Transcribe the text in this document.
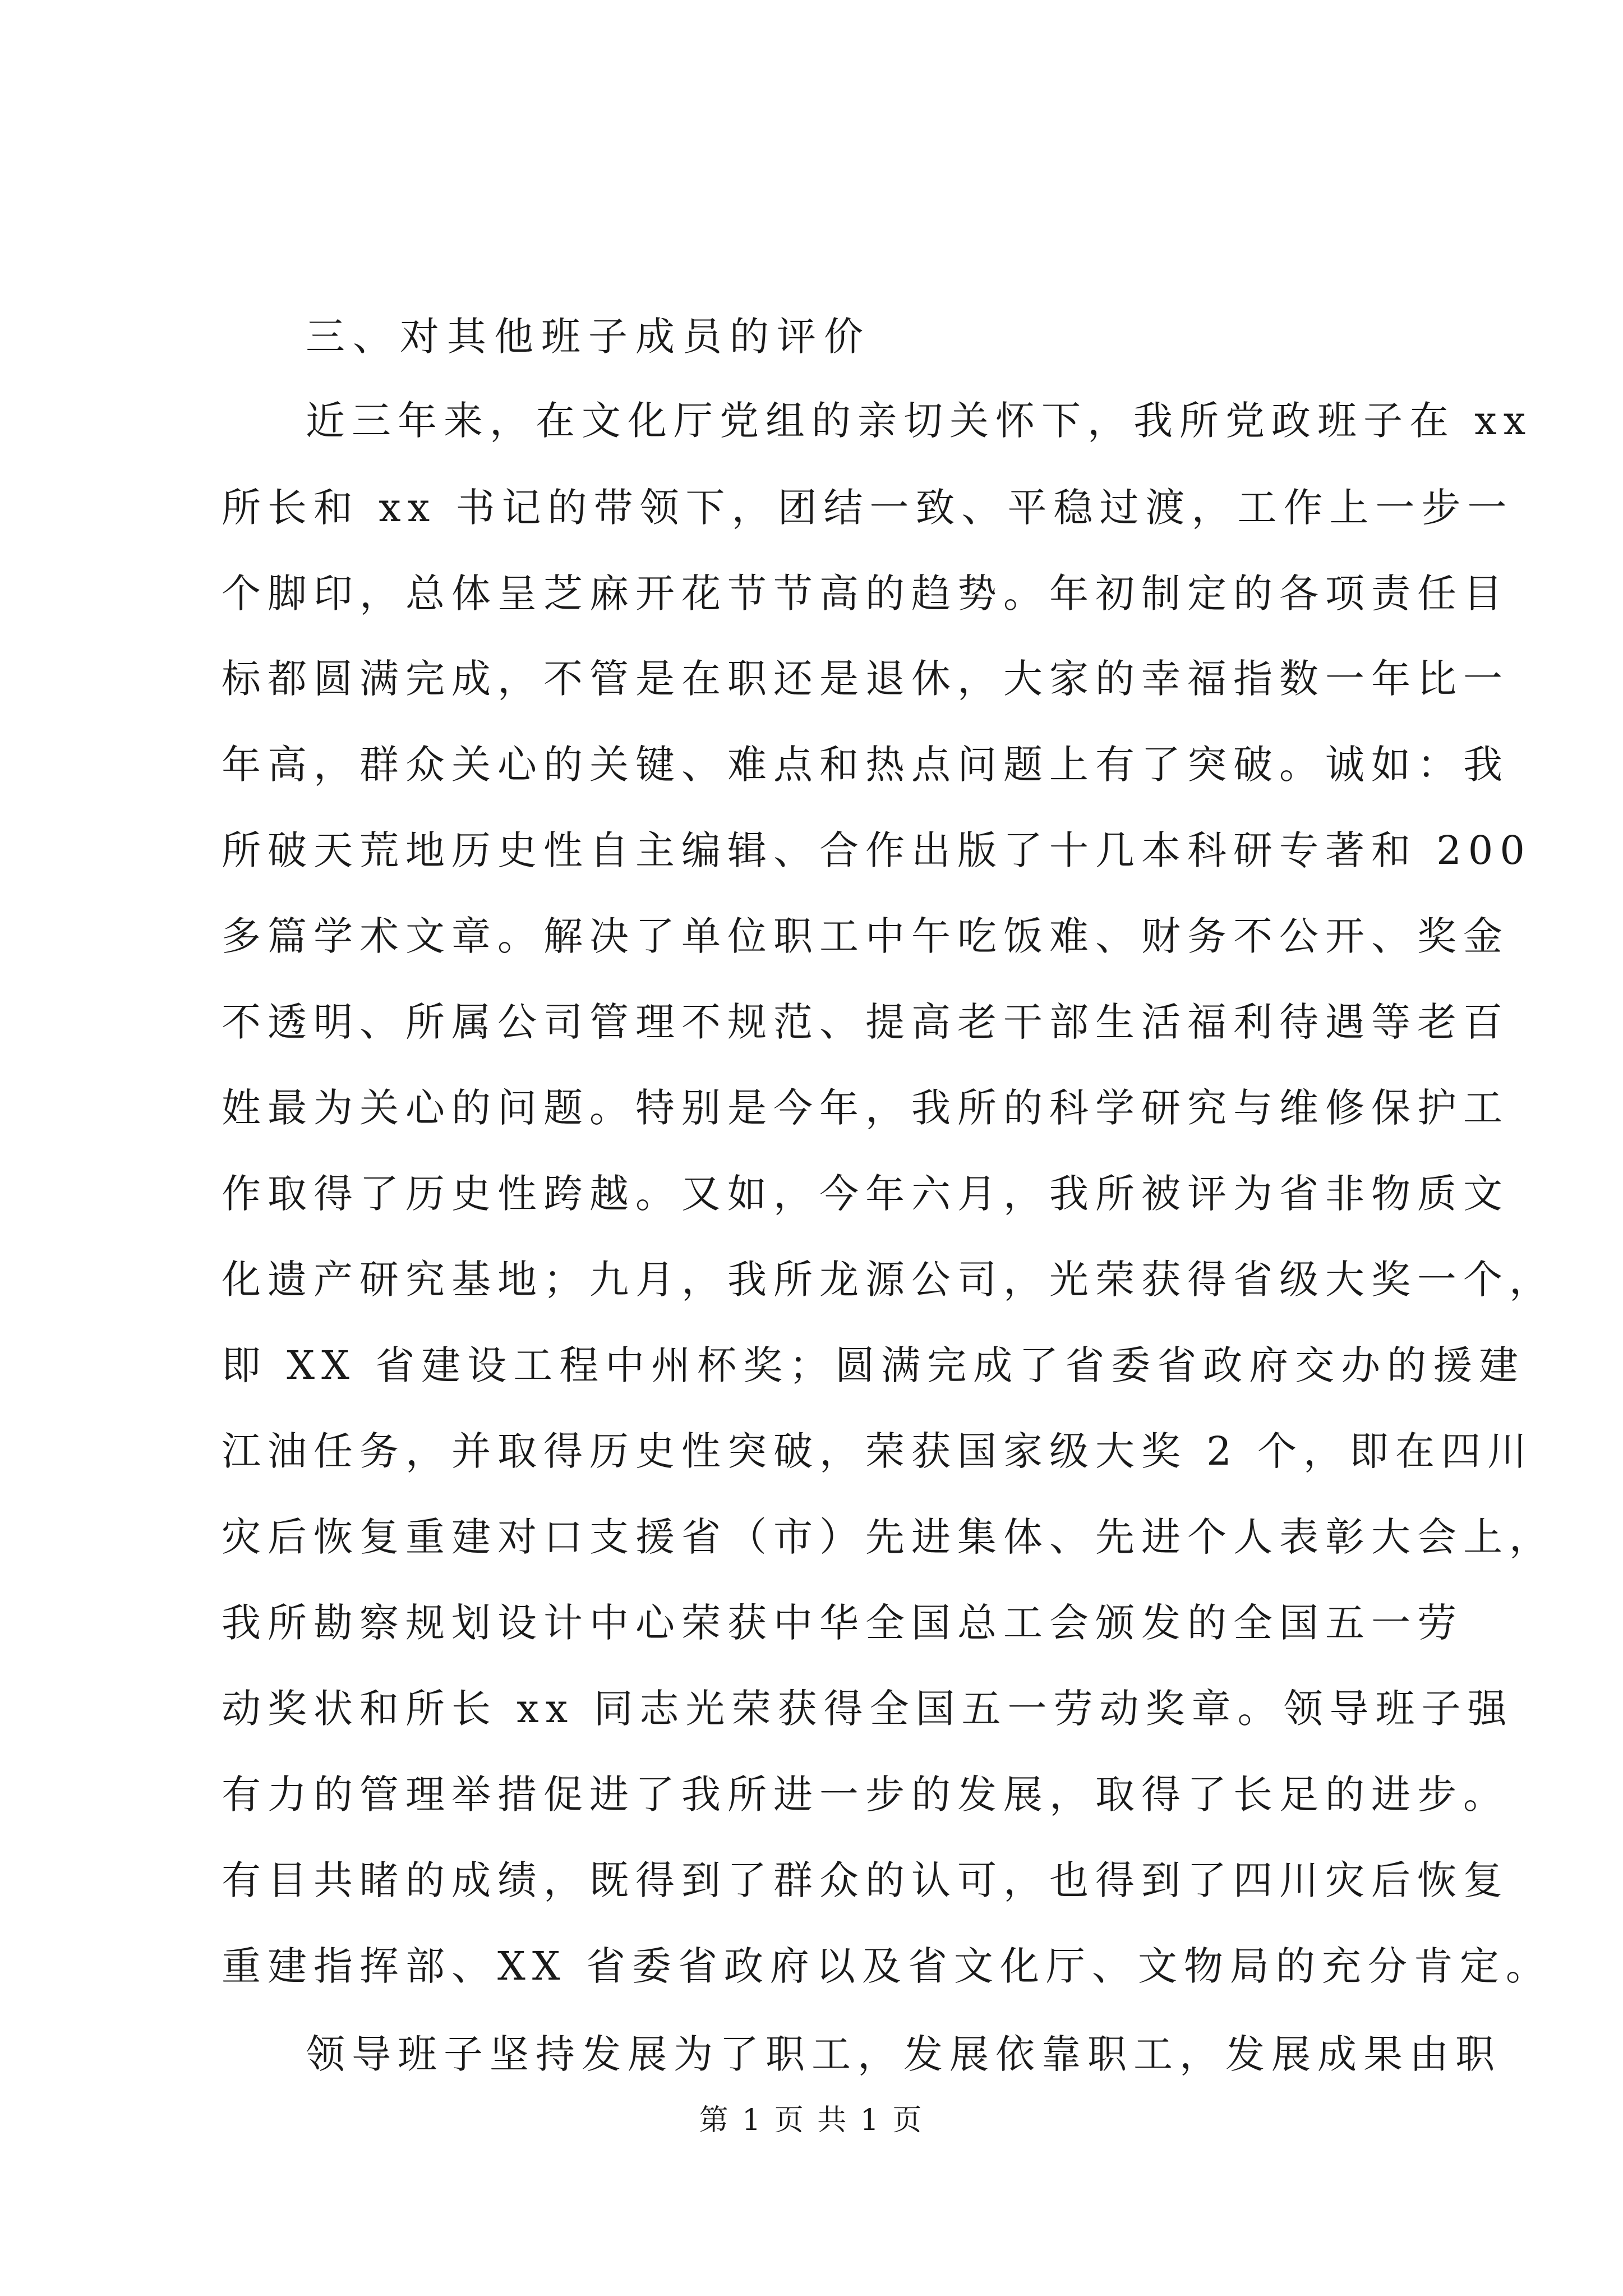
三、对其他班子成员的评价
近三年来，在文化厅党组的亲切关怀下，我所党政班子在 xx
所长和 xx 书记的带领下，团结一致、平稳过渡，工作上一步一
个脚印，总体呈芝麻开花节节高的趋势。年初制定的各项责任目
标都圆满完成，不管是在职还是退休，大家的幸福指数一年比一
年高，群众关心的关键、难点和热点问题上有了突破。诚如：我
所破天荒地历史性自主编辑、合作出版了十几本科研专著和 200
多篇学术文章。解决了单位职工中午吃饭难、财务不公开、奖金
不透明、所属公司管理不规范、提高老干部生活福利待遇等老百
姓最为关心的问题。特别是今年，我所的科学研究与维修保护工
作取得了历史性跨越。又如，今年六月，我所被评为省非物质文
化遗产研究基地；九月，我所龙源公司，光荣获得省级大奖一个，
即 XX 省建设工程中州杯奖；圆满完成了省委省政府交办的援建
江油任务，并取得历史性突破，荣获国家级大奖 2 个，即在四川
灾后恢复重建对口支援省（市）先进集体、先进个人表彰大会上，
我所勘察规划设计中心荣获中华全国总工会颁发的全国五一劳
动奖状和所长 xx 同志光荣获得全国五一劳动奖章。领导班子强
有力的管理举措促进了我所进一步的发展，取得了长足的进步。
有目共睹的成绩，既得到了群众的认可，也得到了四川灾后恢复
重建指挥部、XX 省委省政府以及省文化厅、文物局的充分肯定。
领导班子坚持发展为了职工，发展依靠职工，发展成果由职
第 1 页 共 1 页
